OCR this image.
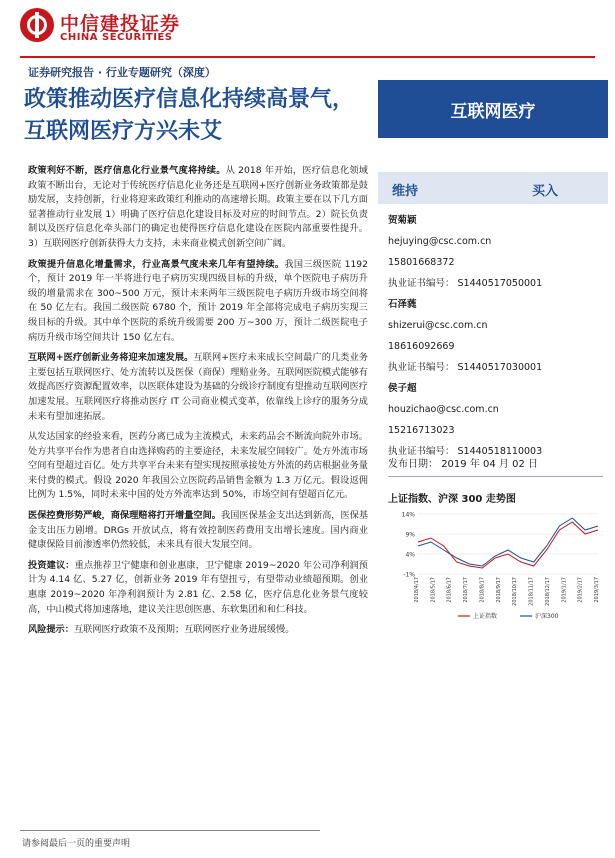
中信建投证券
CHINA SECURITIES
证券研究报告 · 行业专题研究（深度）
政策推动医疗信息化持续高景气，互联网医疗方兴未艾
互联网医疗

政策利好不断，医疗信息化行业景气度将持续。从 2018 年开始，医疗信息化领域政策不断出台，无论对于传统医疗信息化业务还是互联网+医疗创新业务政策都是鼓励发展，支持创新，行业将迎来政策红利推动的高速增长期。政策主要在以下几方面显著推动行业发展 1）明确了医疗信息化建设目标及对应的时间节点。2）院长负责制以及医疗信息化牵头部门的确定也使得医疗信息化建设在医院内部重要性提升。3）互联网医疗创新获得大力支持，未来商业模式创新空间广阔。

政策提升信息化增量需求，行业高景气度未来几年有望持续。我国三级医院 1192 个，预计 2019 年一半将进行电子病历实现四级目标的升级，单个医院电子病历升级的增量需求在 300~500 万元，预计未来两年三级医院电子病历升级市场空间将在 50 亿左右。我国二级医院 6780 个，预计 2019 年全部将完成电子病历实现三级目标的升级。其中单个医院的系统升级需要 200 万~300 万，预计二级医院电子病历升级市场空间共计 150 亿左右。

互联网+医疗创新业务将迎来加速发展。互联网+医疗未来成长空间最广的几类业务主要包括互联网医疗、处方流转以及医保（商保）理赔业务。互联网医院模式能够有效提高医疗资源配置效率，以医联体建设为基础的分级诊疗制度有望推动互联网医疗加速发展。互联网医疗将推动医疗 IT 公司商业模式变革，依靠线上诊疗的服务分成未来有望加速拓展。

从发达国家的经验来看，医药分离已成为主流模式，未来药品会不断流向院外市场。处方共享平台作为患者自由选择购药的主要途径，未来发展空间较广。处方外流市场空间有望超过百亿。处方共享平台未来有望实现按照承接处方外流的药店根据业务量来付费的模式。假设 2020 年我国公立医院药品销售金额为 1.3 万亿元。假设返佣比例为 1.5%，同时未来中国的处方外流率达到 50%，市场空间有望超百亿元。

医保控费形势严峻，商保理赔将打开增量空间。我国医保基金支出达到新高，医保基金支出压力剧增。DRGs 开放试点，将有效控制医药费用支出增长速度。国内商业健康保险目前渗透率仍然较低，未来具有很大发展空间。

投资建议：重点推荐卫宁健康和创业惠康，卫宁健康 2019~2020 年公司净利润预计为 4.14 亿、5.27 亿，创新业务 2019 年有望扭亏，有望带动业绩超预期。创业惠康 2019~2020 年净利润预计为 2.81 亿、2.58 亿，医疗信息化业务景气度较高，中山模式将加速落地，建议关注思创医惠、东软集团和和仁科技。

风险提示：互联网医疗政策不及预期；互联网医疗业务进展缓慢。

维持	买入
贺菊颖
hejuying@csc.com.cn
15801668372
执业证书编号： S1440517050001
石泽蕤
shizerui@csc.com.cn
18616092669
执业证书编号： S1440517030001
侯子超
houzichao@csc.com.cn
15216713023
执业证书编号： S1440518110003
发布日期： 2019 年 04 月 02 日
上证指数、沪深 300 走势图
14%
9%
4%
-1%
2018/4/17 2018/5/17 2018/6/17 2018/7/17 2018/8/17 2018/9/17 2018/10/17 2018/11/17 2018/12/17 2019/1/17 2019/2/17 2019/3/17
上证指数	沪深300
请参阅最后一页的重要声明
